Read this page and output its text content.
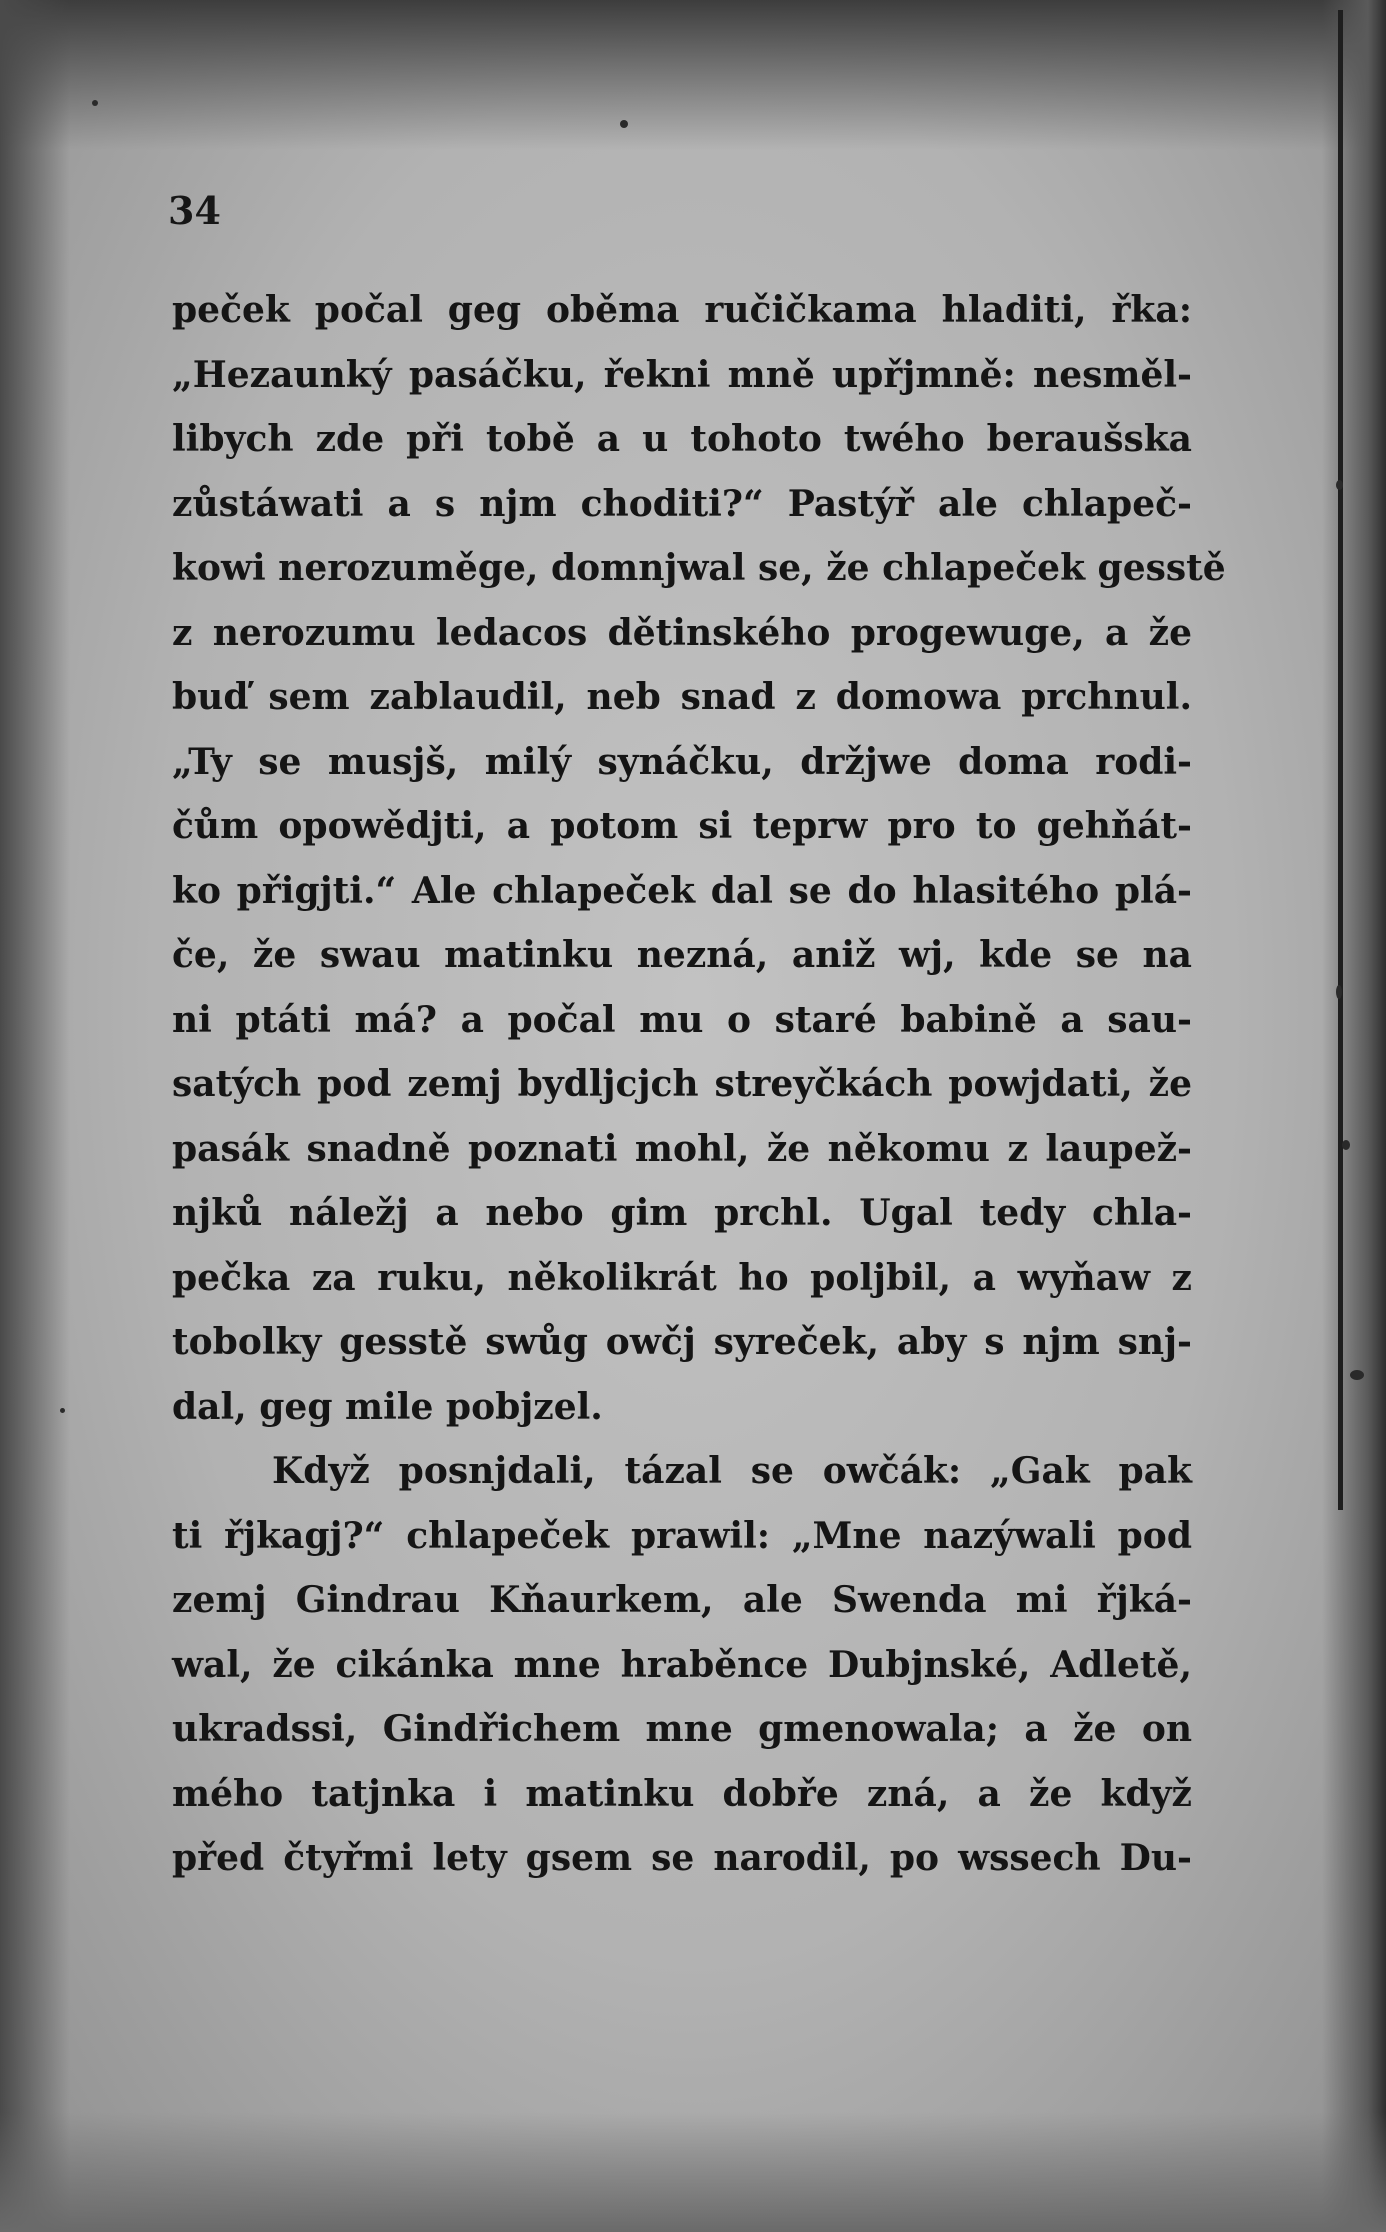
34
peček počal geg oběma ručičkama hladiti, řka:
„Hezaunký pasáčku, řekni mně upřjmně: nesměl-
libych zde při tobě a u tohoto twého beraušska
zůstáwati a s njm choditi?“ Pastýř ale chlapeč-
kowi nerozuměge, domnjwal se, že chlapeček gesstě
z nerozumu ledacos dětinského progewuge, a že
buď sem zablaudil, neb snad z domowa prchnul.
„Ty se musjš, milý synáčku, držjwe doma rodi-
čům opowědjti, a potom si teprw pro to gehňát-
ko přigjti.“ Ale chlapeček dal se do hlasitého plá-
če, že swau matinku nezná, aniž wj, kde se na
ni ptáti má? a počal mu o staré babině a sau-
satých pod zemj bydljcjch streyčkách powjdati, že
pasák snadně poznati mohl, že někomu z laupež-
njků náležj a nebo gim prchl. Ugal tedy chla-
pečka za ruku, několikrát ho poljbil, a wyňaw z
tobolky gesstě swůg owčj syreček, aby s njm snj-
dal, geg mile pobjzel.
Když posnjdali, tázal se owčák: „Gak pak
ti řjkagj?“ chlapeček prawil: „Mne nazýwali pod
zemj Gindrau Kňaurkem, ale Swenda mi řjká-
wal, že cikánka mne hraběnce Dubjnské, Adletě,
ukradssi, Gindřichem mne gmenowala; a že on
mého tatjnka i matinku dobře zná, a že když
před čtyřmi lety gsem se narodil, po wssech Du-
